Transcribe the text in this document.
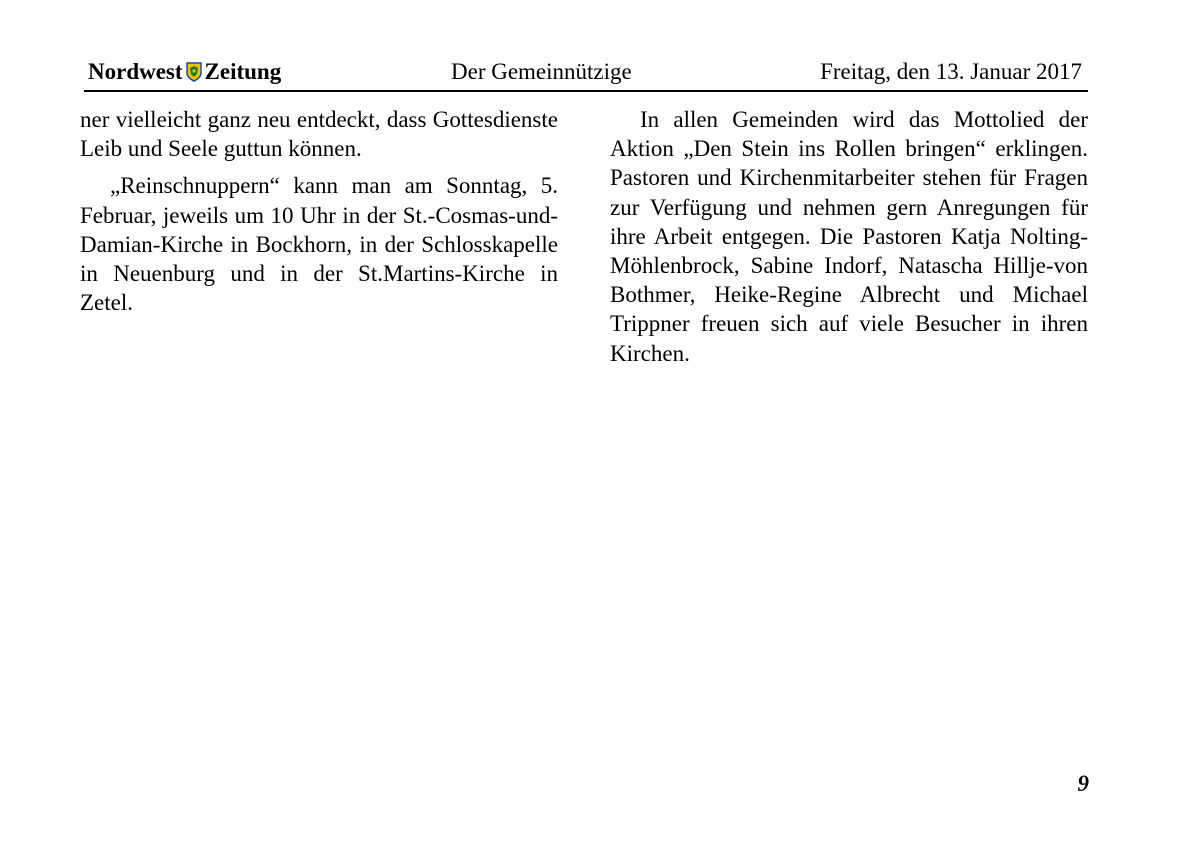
Nordwest Zeitung	Der Gemeinnützige	Freitag, den 13. Januar 2017

ner vielleicht ganz neu entdeckt, dass Gottesdienste Leib und Seele guttun können.

„Reinschnuppern“ kann man am Sonntag, 5. Februar, jeweils um 10 Uhr in der St.-Cosmas-und-Damian-Kirche in Bockhorn, in der Schlosskapelle in Neuenburg und in der St.Martins-Kirche in Zetel.

In allen Gemeinden wird das Mottolied der Aktion „Den Stein ins Rollen bringen“ erklingen. Pastoren und Kirchenmitarbeiter stehen für Fragen zur Verfügung und nehmen gern Anregungen für ihre Arbeit entgegen. Die Pastoren Katja Nolting-Möhlenbrock, Sabine Indorf, Natascha Hillje-von Bothmer, Heike-Regine Albrecht und Michael Trippner freuen sich auf viele Besucher in ihren Kirchen.

9
